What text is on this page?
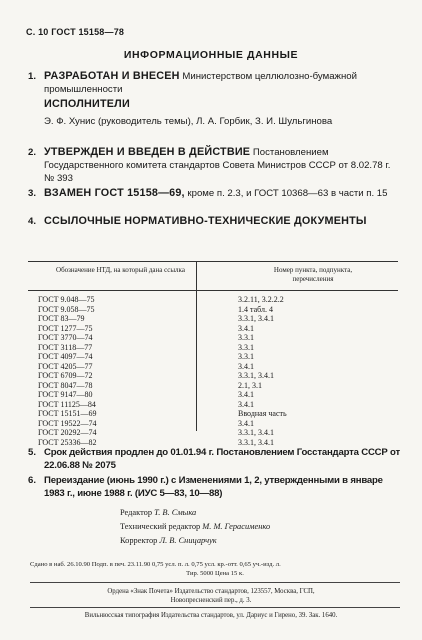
С. 10 ГОСТ 15158—78
ИНФОРМАЦИОННЫЕ ДАННЫЕ
1. РАЗРАБОТАН И ВНЕСЕН Министерством целлюлозно-бумажной промышленности
ИСПОЛНИТЕЛИ
Э. Ф. Хунис (руководитель темы), Л. А. Горбик, З. И. Шульгинова
2. УТВЕРЖДЕН И ВВЕДЕН В ДЕЙСТВИЕ Постановлением Государственного комитета стандартов Совета Министров СССР от 8.02.78 г. № 393
3. ВЗАМЕН ГОСТ 15158—69, кроме п. 2.3, и ГОСТ 10368—63 в части п. 15
4. ССЫЛОЧНЫЕ НОРМАТИВНО-ТЕХНИЧЕСКИЕ ДОКУМЕНТЫ
Обозначение НТД, на который дана ссылка	Номер пункта, подпункта, перечисления
ГОСТ 9.048—75	3.2.11, 3.2.2.2
ГОСТ 9.058—75	1.4 табл. 4
ГОСТ 83—79	3.3.1, 3.4.1
ГОСТ 1277—75	3.4.1
ГОСТ 3770—74	3.3.1
ГОСТ 3118—77	3.3.1
ГОСТ 4097—74	3.3.1
ГОСТ 4205—77	3.4.1
ГОСТ 6709—72	3.3.1, 3.4.1
ГОСТ 8047—78	2.1, 3.1
ГОСТ 9147—80	3.4.1
ГОСТ 11125—84	3.4.1
ГОСТ 15151—69	Вводная часть
ГОСТ 19522—74	3.4.1
ГОСТ 20292—74	3.3.1, 3.4.1
ГОСТ 25336—82	3.3.1, 3.4.1
5. Срок действия продлен до 01.01.94 г. Постановлением Госстандарта СССР от 22.06.88 № 2075
6. Переиздание (июнь 1990 г.) с Изменениями 1, 2, утвержденными в январе 1983 г., июне 1988 г. (ИУС 5—83, 10—88)
Редактор Т. В. Смыка
Технический редактор М. М. Герасименко
Корректор Л. В. Сницарчук
Сдано в наб. 26.10.90 Подп. в печ. 23.11.90 0,75 усл. п. л. 0,75 усл. кр.-отт. 0,65 уч.-изд. л.
Тир. 5000 Цена 15 к.
Ордена «Знак Почета» Издательство стандартов, 123557, Москва, ГСП,
Новопресненский пер., д. 3.
Вильнюсская типография Издательства стандартов, ул. Дариус и Гирено, 39. Зак. 1640.
